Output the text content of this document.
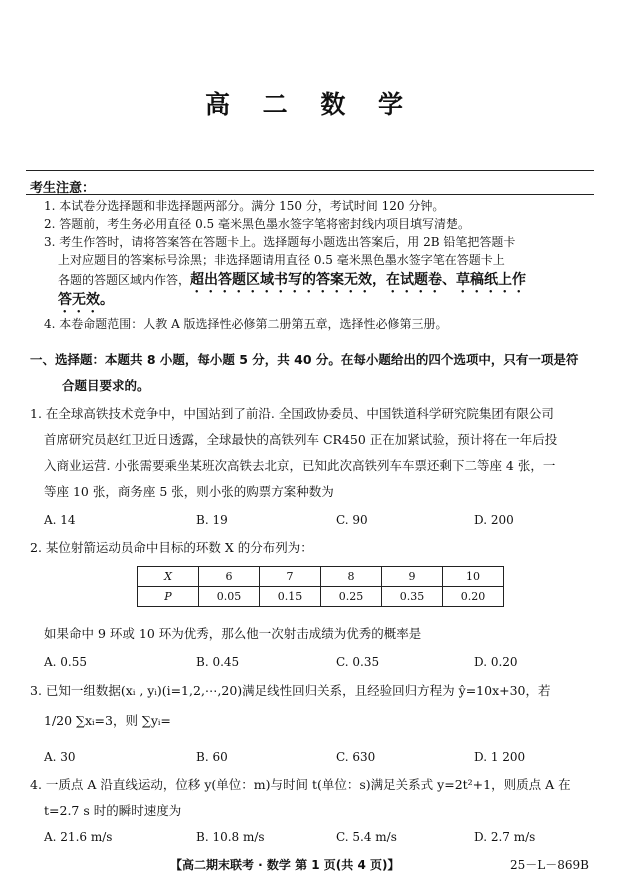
高 二 数 学
考生注意：
1. 本试卷分选择题和非选择题两部分。满分 150 分，考试时间 120 分钟。
2. 答题前，考生务必用直径 0.5 毫米黑色墨水签字笔将密封线内项目填写清楚。
3. 考生作答时，请将答案答在答题卡上。选择题每小题选出答案后，用 2B 铅笔把答题卡
上对应题目的答案标号涂黑；非选择题请用直径 0.5 毫米黑色墨水签字笔在答题卡上
各题的答题区域内作答，超出答题区域书写的答案无效，在试题卷、草稿纸上作
答无效。
4. 本卷命题范围：人教 A 版选择性必修第二册第五章，选择性必修第三册。
一、选择题：本题共 8 小题，每小题 5 分，共 40 分。在每小题给出的四个选项中，只有一项是符
合题目要求的。
1. 在全球高铁技术竞争中，中国站到了前沿. 全国政协委员、中国铁道科学研究院集团有限公司
首席研究员赵红卫近日透露，全球最快的高铁列车 CR450 正在加紧试验，预计将在一年后投
入商业运营. 小张需要乘坐某班次高铁去北京，已知此次高铁列车车票还剩下二等座 4 张，一
等座 10 张，商务座 5 张，则小张的购票方案种数为
A. 14	B. 19	C. 90	D. 200
2. 某位射箭运动员命中目标的环数 X 的分布列为：
X	6	7	8	9	10
P	0.05	0.15	0.25	0.35	0.20
如果命中 9 环或 10 环为优秀，那么他一次射击成绩为优秀的概率是
A. 0.55	B. 0.45	C. 0.35	D. 0.20
3. 已知一组数据(xᵢ , yᵢ)(i=1,2,⋯,20)满足线性回归关系，且经验回归方程为 ŷ=10x+30，若
1/20 ∑xᵢ=3，则 ∑yᵢ=
A. 30	B. 60	C. 630	D. 1 200
4. 一质点 A 沿直线运动，位移 y(单位：m)与时间 t(单位：s)满足关系式 y=2t²+1，则质点 A 在
t=2.7 s 时的瞬时速度为
A. 21.6 m/s	B. 10.8 m/s	C. 5.4 m/s	D. 2.7 m/s
【高二期末联考 · 数学 第 1 页(共 4 页)】	25－L－869B
